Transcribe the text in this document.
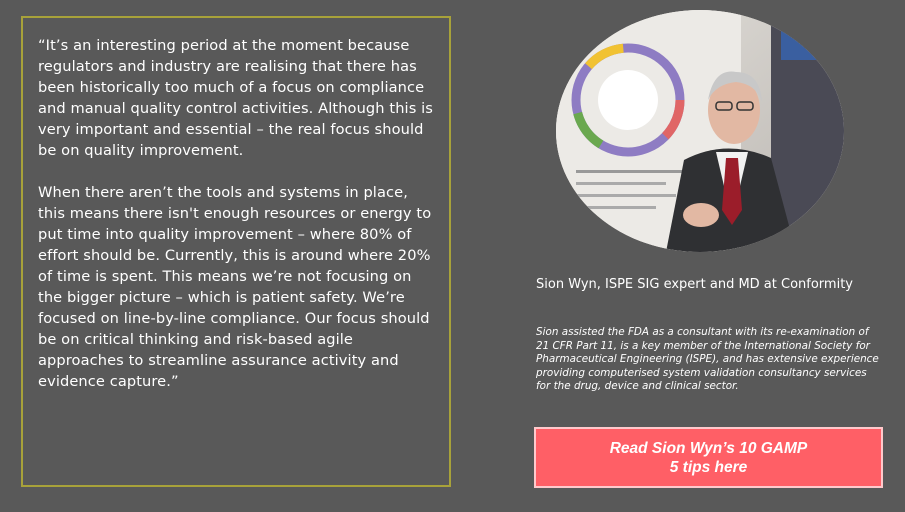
“It’s an interesting period at the moment because regulators and industry are realising that there has been historically too much of a focus on compliance and manual quality control activities. Although this is very important and essential – the real focus should be on quality improvement.

When there aren’t the tools and systems in place, this means there isn't enough resources or energy to put time into quality improvement – where 80% of effort should be. Currently, this is around where 20% of time is spent. This means we’re not focusing on the bigger picture – which is patient safety. We’re focused on line-by-line compliance. Our focus should be on critical thinking and risk-based agile approaches to streamline assurance activity and evidence capture.”

Sion Wyn, ISPE SIG expert and MD at Conformity
Sion assisted the FDA as a consultant with its re-examination of 21 CFR Part 11, is a key member of the International Society for Pharmaceutical Engineering (ISPE), and has extensive experience providing computerised system validation consultancy services for the drug, device and clinical sector.
Read Sion Wyn’s 10 GAMP 5 tips here
